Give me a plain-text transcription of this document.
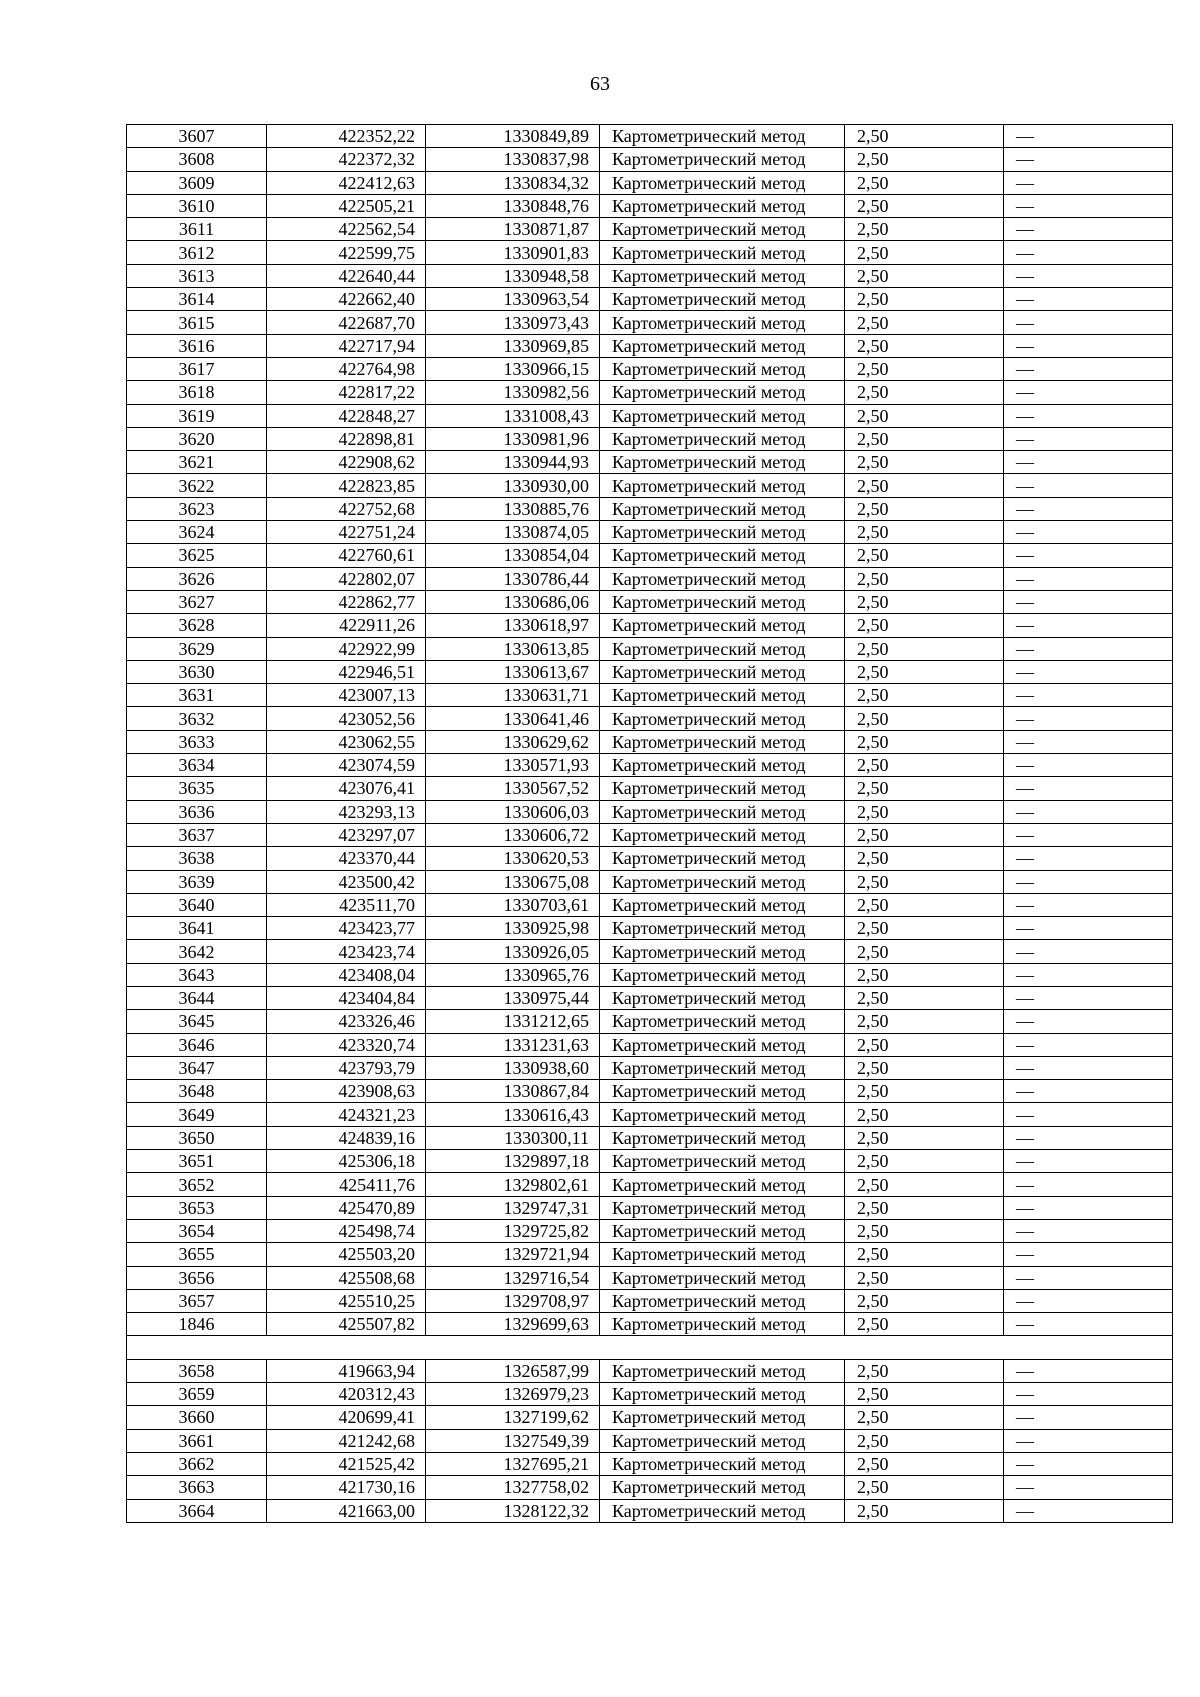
63
3607	422352,22	1330849,89	Картометрический метод	2,50	—
3608	422372,32	1330837,98	Картометрический метод	2,50	—
3609	422412,63	1330834,32	Картометрический метод	2,50	—
3610	422505,21	1330848,76	Картометрический метод	2,50	—
3611	422562,54	1330871,87	Картометрический метод	2,50	—
3612	422599,75	1330901,83	Картометрический метод	2,50	—
3613	422640,44	1330948,58	Картометрический метод	2,50	—
3614	422662,40	1330963,54	Картометрический метод	2,50	—
3615	422687,70	1330973,43	Картометрический метод	2,50	—
3616	422717,94	1330969,85	Картометрический метод	2,50	—
3617	422764,98	1330966,15	Картометрический метод	2,50	—
3618	422817,22	1330982,56	Картометрический метод	2,50	—
3619	422848,27	1331008,43	Картометрический метод	2,50	—
3620	422898,81	1330981,96	Картометрический метод	2,50	—
3621	422908,62	1330944,93	Картометрический метод	2,50	—
3622	422823,85	1330930,00	Картометрический метод	2,50	—
3623	422752,68	1330885,76	Картометрический метод	2,50	—
3624	422751,24	1330874,05	Картометрический метод	2,50	—
3625	422760,61	1330854,04	Картометрический метод	2,50	—
3626	422802,07	1330786,44	Картометрический метод	2,50	—
3627	422862,77	1330686,06	Картометрический метод	2,50	—
3628	422911,26	1330618,97	Картометрический метод	2,50	—
3629	422922,99	1330613,85	Картометрический метод	2,50	—
3630	422946,51	1330613,67	Картометрический метод	2,50	—
3631	423007,13	1330631,71	Картометрический метод	2,50	—
3632	423052,56	1330641,46	Картометрический метод	2,50	—
3633	423062,55	1330629,62	Картометрический метод	2,50	—
3634	423074,59	1330571,93	Картометрический метод	2,50	—
3635	423076,41	1330567,52	Картометрический метод	2,50	—
3636	423293,13	1330606,03	Картометрический метод	2,50	—
3637	423297,07	1330606,72	Картометрический метод	2,50	—
3638	423370,44	1330620,53	Картометрический метод	2,50	—
3639	423500,42	1330675,08	Картометрический метод	2,50	—
3640	423511,70	1330703,61	Картометрический метод	2,50	—
3641	423423,77	1330925,98	Картометрический метод	2,50	—
3642	423423,74	1330926,05	Картометрический метод	2,50	—
3643	423408,04	1330965,76	Картометрический метод	2,50	—
3644	423404,84	1330975,44	Картометрический метод	2,50	—
3645	423326,46	1331212,65	Картометрический метод	2,50	—
3646	423320,74	1331231,63	Картометрический метод	2,50	—
3647	423793,79	1330938,60	Картометрический метод	2,50	—
3648	423908,63	1330867,84	Картометрический метод	2,50	—
3649	424321,23	1330616,43	Картометрический метод	2,50	—
3650	424839,16	1330300,11	Картометрический метод	2,50	—
3651	425306,18	1329897,18	Картометрический метод	2,50	—
3652	425411,76	1329802,61	Картометрический метод	2,50	—
3653	425470,89	1329747,31	Картометрический метод	2,50	—
3654	425498,74	1329725,82	Картометрический метод	2,50	—
3655	425503,20	1329721,94	Картометрический метод	2,50	—
3656	425508,68	1329716,54	Картометрический метод	2,50	—
3657	425510,25	1329708,97	Картометрический метод	2,50	—
1846	425507,82	1329699,63	Картометрический метод	2,50	—

3658	419663,94	1326587,99	Картометрический метод	2,50	—
3659	420312,43	1326979,23	Картометрический метод	2,50	—
3660	420699,41	1327199,62	Картометрический метод	2,50	—
3661	421242,68	1327549,39	Картометрический метод	2,50	—
3662	421525,42	1327695,21	Картометрический метод	2,50	—
3663	421730,16	1327758,02	Картометрический метод	2,50	—
3664	421663,00	1328122,32	Картометрический метод	2,50	—
